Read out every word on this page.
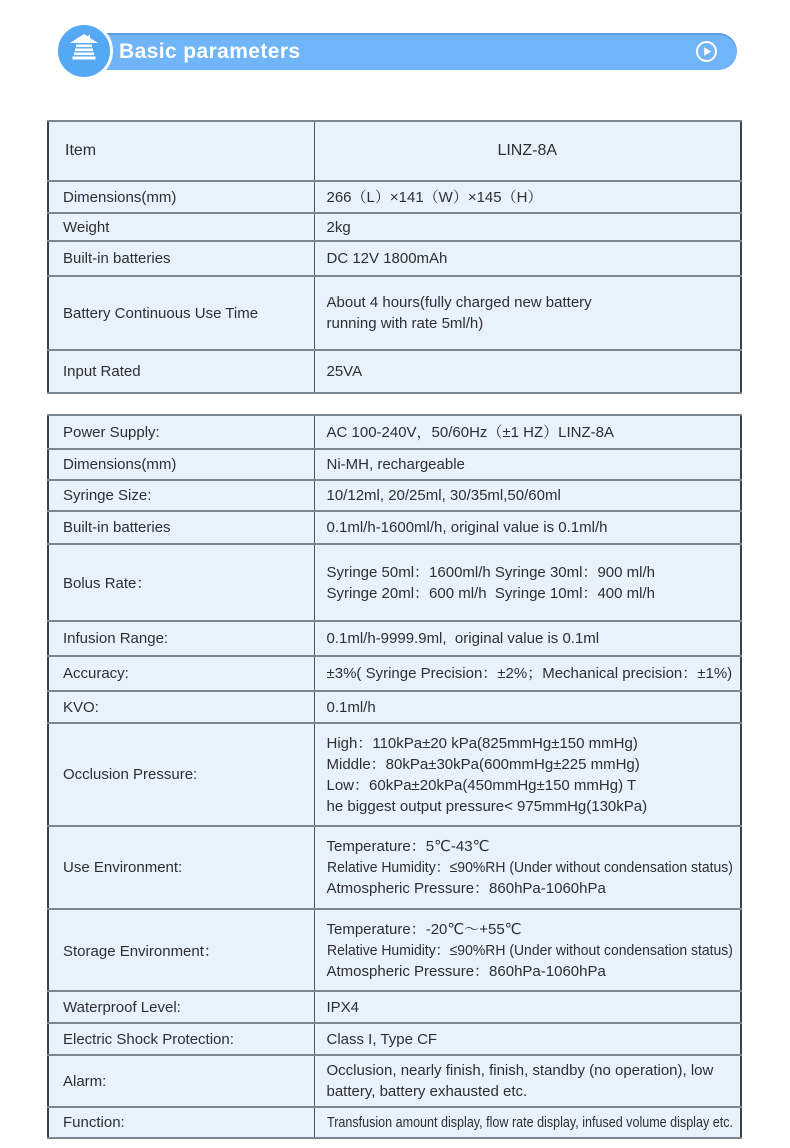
Basic parameters
Item	LINZ-8A
Dimensions(mm)	266（L）×141（W）×145（H）

Weight	2kg

Built-in batteries	DC 12V 1800mAh

Battery Continuous Use Time	About 4 hours(fully charged new battery
running with rate 5ml/h)

Input Rated	25VA
Power Supply:	AC 100-240V，50/60Hz（±1 HZ）LINZ-8A

Dimensions(mm)	Ni-MH, rechargeable

Syringe Size:	10/12ml, 20/25ml, 30/35ml,50/60ml

Built-in batteries	0.1ml/h-1600ml/h, original value is 0.1ml/h

Bolus Rate：	Syringe 50ml：1600ml/h Syringe 30ml：900 ml/h
Syringe 20ml：600 ml/h  Syringe 10ml：400 ml/h

Infusion Range:	0.1ml/h-9999.9ml,  original value is 0.1ml

Accuracy:	±3%( Syringe Precision：±2%；Mechanical precision：±1%)

KVO:	0.1ml/h

Occlusion Pressure:	High：110kPa±20 kPa(825mmHg±150 mmHg)
Middle：80kPa±30kPa(600mmHg±225 mmHg)
Low：60kPa±20kPa(450mmHg±150 mmHg) T
he biggest output pressure< 975mmHg(130kPa)

Use Environment:	Temperature：5℃-43℃
Relative Humidity：≤90%RH (Under without condensation status)
Atmospheric Pressure：860hPa-1060hPa

Storage Environment：	Temperature：-20℃～+55℃
Relative Humidity：≤90%RH (Under without condensation status)
Atmospheric Pressure：860hPa-1060hPa

Waterproof Level:	IPX4

Electric Shock Protection:	Class I, Type CF

Alarm:	Occlusion, nearly finish, finish, standby (no operation), low
battery, battery exhausted etc.

Function:	Transfusion amount display, flow rate display, infused volume display etc.
